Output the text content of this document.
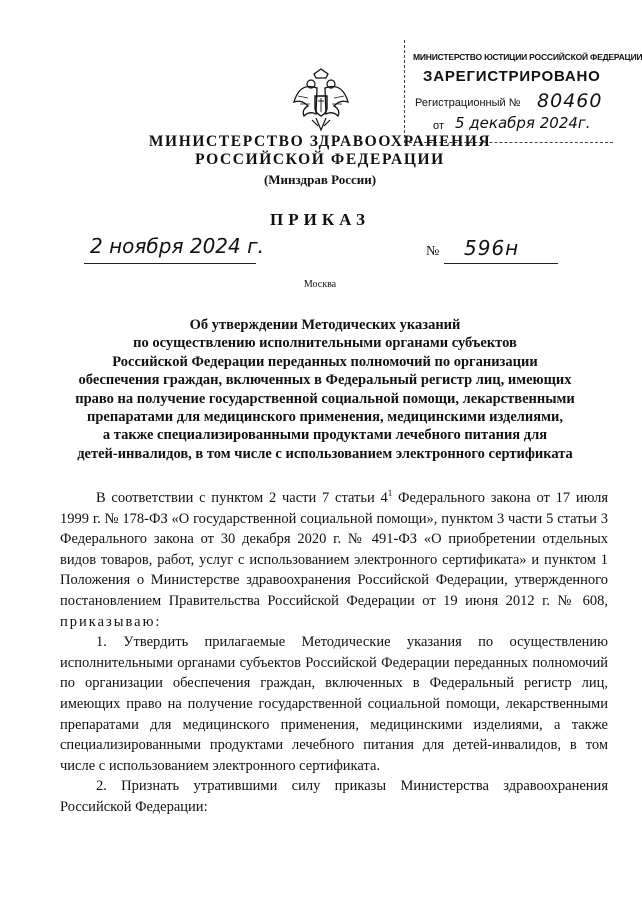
МИНИСТЕРСТВО ЮСТИЦИИ РОССИЙСКОЙ ФЕДЕРАЦИИ
ЗАРЕГИСТРИРОВАНО
Регистрационный № 80460
от 5 декабря 2024г.
МИНИСТЕРСТВО ЗДРАВООХРАНЕНИЯ
РОССИЙСКОЙ ФЕДЕРАЦИИ
(Минздрав России)
ПРИКАЗ
2 ноября 2024 г.	№ 596н
Москва
Об утверждении Методических указаний
по осуществлению исполнительными органами субъектов
Российской Федерации переданных полномочий по организации
обеспечения граждан, включенных в Федеральный регистр лиц, имеющих
право на получение государственной социальной помощи, лекарственными
препаратами для медицинского применения, медицинскими изделиями,
а также специализированными продуктами лечебного питания для
детей-инвалидов, в том числе с использованием электронного сертификата

В соответствии с пунктом 2 части 7 статьи $4^1$ Федерального закона от 17 июля 1999 г. № 178-ФЗ «О государственной социальной помощи», пунктом 3 части 5 статьи 3 Федерального закона от 30 декабря 2020 г. № 491-ФЗ «О приобретении отдельных видов товаров, работ, услуг с использованием электронного сертификата» и пунктом 1 Положения о Министерстве здравоохранения Российской Федерации, утвержденного постановлением Правительства Российской Федерации от 19 июня 2012 г. № 608, приказываю:

1. Утвердить прилагаемые Методические указания по осуществлению исполнительными органами субъектов Российской Федерации переданных полномочий по организации обеспечения граждан, включенных в Федеральный регистр лиц, имеющих право на получение государственной социальной помощи, лекарственными препаратами для медицинского применения, медицинскими изделиями, а также специализированными продуктами лечебного питания для детей-инвалидов, в том числе с использованием электронного сертификата.

2. Признать утратившими силу приказы Министерства здравоохранения Российской Федерации:
